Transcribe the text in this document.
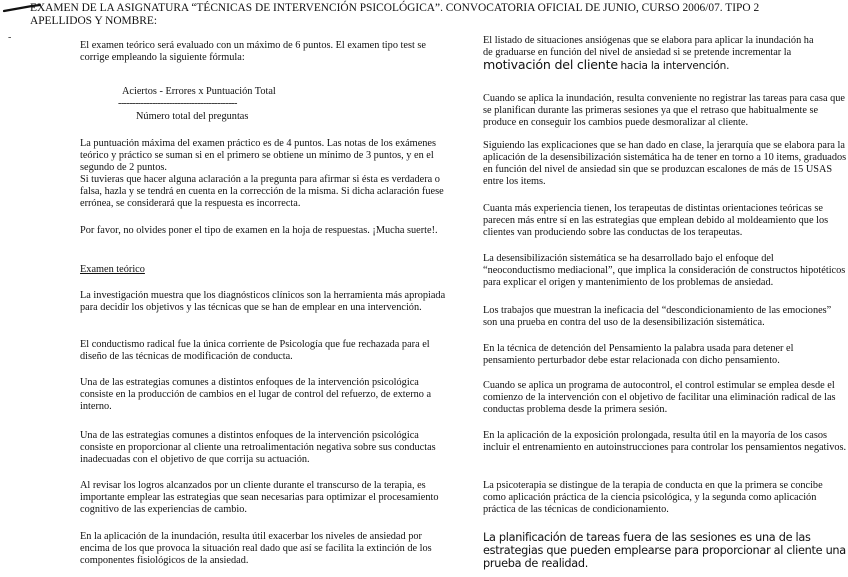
EXAMEN DE LA ASIGNATURA “TÉCNICAS DE INTERVENCIÓN PSICOLÓGICA”. CONVOCATORIA OFICIAL DE JUNIO, CURSO 2006/07. TIPO 2
APELLIDOS Y NOMBRE:
-

El examen teórico será evaluado con un máximo de 6 puntos. El examen tipo test se corrige empleando la siguiente fórmula:

Aciertos - Errores x Puntuación Total
------------------------------------------
Número total del preguntas

La puntuación máxima del examen práctico es de 4 puntos. Las notas de los exámenes teórico y práctico se suman si en el primero se obtiene un mínimo de 3 puntos, y en el segundo de 2 puntos.

Si tuvieras que hacer alguna aclaración a la pregunta para afirmar si ésta es verdadera o falsa, hazla y se tendrá en cuenta en la corrección de la misma. Si dicha aclaración fuese errónea, se considerará que la respuesta es incorrecta.

Por favor, no olvides poner el tipo de examen en la hoja de respuestas. ¡Mucha suerte!.

Examen teórico

La investigación muestra que los diagnósticos clínicos son la herramienta más apropiada para decidir los objetivos y las técnicas que se han de emplear en una intervención.

El conductismo radical fue la única corriente de Psicología que fue rechazada para el diseño de las técnicas de modificación de conducta.

Una de las estrategias comunes a distintos enfoques de la intervención psicológica consiste en la producción de cambios en el lugar de control del refuerzo, de externo a interno.

Una de las estrategias comunes a distintos enfoques de la intervención psicológica consiste en proporcionar al cliente una retroalimentación negativa sobre sus conductas inadecuadas con el objetivo de que corrija su actuación.

Al revisar los logros alcanzados por un cliente durante el transcurso de la terapia, es importante emplear las estrategias que sean necesarias para optimizar el procesamiento cognitivo de las experiencias de cambio.

En la aplicación de la inundación, resulta útil exacerbar los niveles de ansiedad por encima de los que provoca la situación real dado que así se facilita la extinción de los componentes fisiológicos de la ansiedad.

El listado de situaciones ansiógenas que se elabora para aplicar la inundación ha
de graduarse en función del nivel de ansiedad si se pretende incrementar la
motivación del cliente hacia la intervención.

Cuando se aplica la inundación, resulta conveniente no registrar las tareas para casa que se planifican durante las primeras sesiones ya que el retraso que habitualmente se produce en conseguir los cambios puede desmoralizar al cliente.

Siguiendo las explicaciones que se han dado en clase, la jerarquía que se elabora para la aplicación de la desensibilización sistemática ha de tener en torno a 10 items, graduados en función del nivel de ansiedad sin que se produzcan escalones de más de 15 USAS entre los items.

Cuanta más experiencia tienen, los terapeutas de distintas orientaciones teóricas se parecen más entre sí en las estrategias que emplean debido al moldeamiento que los clientes van produciendo sobre las conductas de los terapeutas.

La desensibilización sistemática se ha desarrollado bajo el enfoque del “neoconductismo mediacional”, que implica la consideración de constructos hipotéticos para explicar el origen y mantenimiento de los problemas de ansiedad.

Los trabajos que muestran la ineficacia del “descondicionamiento de las emociones” son una prueba en contra del uso de la desensibilización sistemática.

En la técnica de detención del Pensamiento la palabra usada para detener el pensamiento perturbador debe estar relacionada con dicho pensamiento.

Cuando se aplica un programa de autocontrol, el control estimular se emplea desde el comienzo de la intervención con el objetivo de facilitar una eliminación radical de las conductas problema desde la primera sesión.

En la aplicación de la exposición prolongada, resulta útil en la mayoría de los casos incluir el entrenamiento en autoinstrucciones para controlar los pensamientos negativos.

La psicoterapia se distingue de la terapia de conducta en que la primera se concibe como aplicación práctica de la ciencia psicológica, y la segunda como aplicación práctica de las técnicas de condicionamiento.

La planificación de tareas fuera de las sesiones es una de las estrategias que pueden emplearse para proporcionar al cliente una prueba de realidad.
